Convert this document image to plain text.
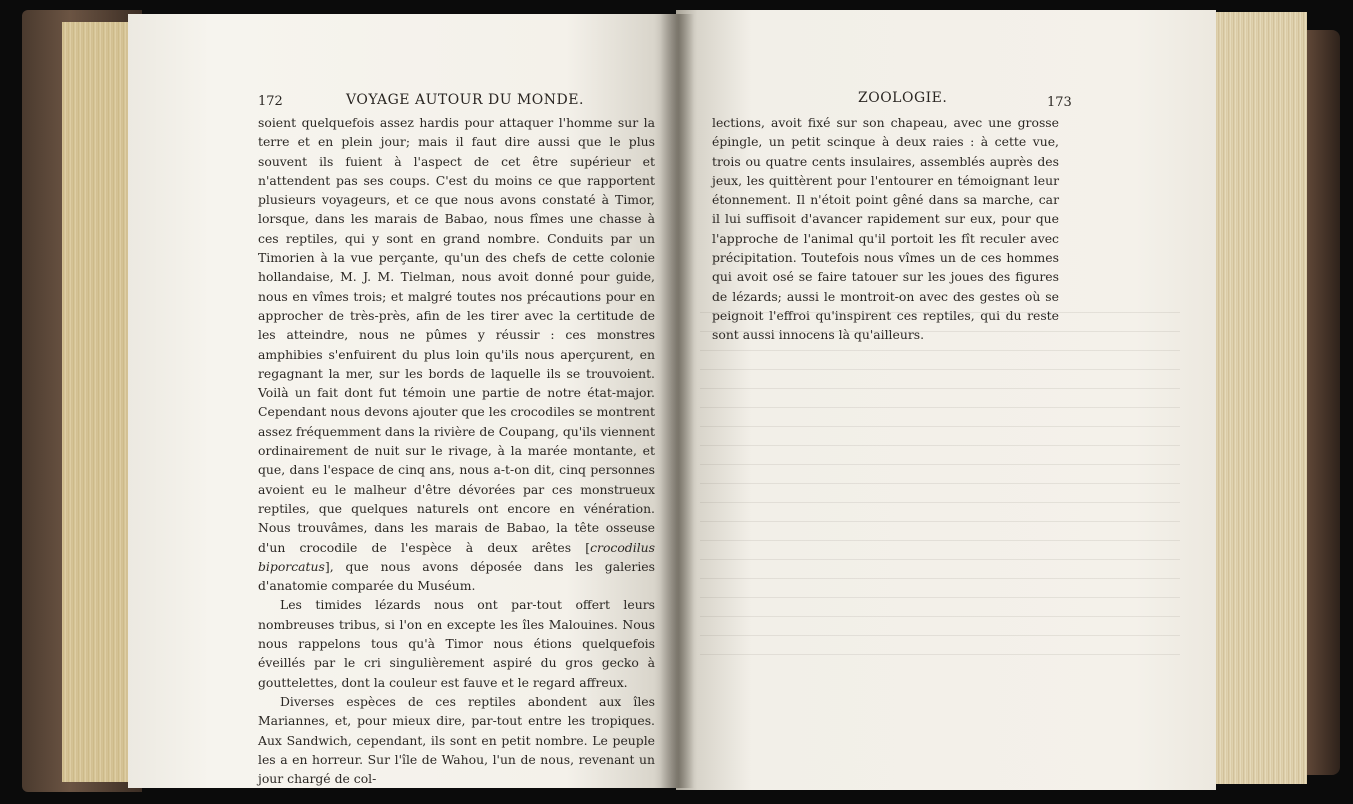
172	VOYAGE AUTOUR DU MONDE.

soient quelquefois assez hardis pour attaquer l'homme sur la terre et en plein jour; mais il faut dire aussi que le plus souvent ils fuient à l'aspect de cet être supérieur et n'attendent pas ses coups. C'est du moins ce que rapportent plusieurs voyageurs, et ce que nous avons constaté à Timor, lorsque, dans les marais de Babao, nous fîmes une chasse à ces reptiles, qui y sont en grand nombre. Conduits par un Timorien à la vue perçante, qu'un des chefs de cette colonie hollandaise, M. J. M. Tielman, nous avoit donné pour guide, nous en vîmes trois; et malgré toutes nos précautions pour en approcher de très-près, afin de les tirer avec la certitude de les atteindre, nous ne pûmes y réussir : ces monstres amphibies s'enfuirent du plus loin qu'ils nous aperçurent, en regagnant la mer, sur les bords de laquelle ils se trouvoient. Voilà un fait dont fut témoin une partie de notre état-major. Cependant nous devons ajouter que les crocodiles se montrent assez fréquemment dans la rivière de Coupang, qu'ils viennent ordinairement de nuit sur le rivage, à la marée montante, et que, dans l'espace de cinq ans, nous a-t-on dit, cinq personnes avoient eu le malheur d'être dévorées par ces monstrueux reptiles, que quelques naturels ont encore en vénération. Nous trouvâmes, dans les marais de Babao, la tête osseuse d'un crocodile de l'espèce à deux arêtes [crocodilus biporcatus], que nous avons déposée dans les galeries d'anatomie comparée du Muséum.

Les timides lézards nous ont par-tout offert leurs nombreuses tribus, si l'on en excepte les îles Malouines. Nous nous rappelons tous qu'à Timor nous étions quelquefois éveillés par le cri singulièrement aspiré du gros gecko à gouttelettes, dont la couleur est fauve et le regard affreux.

Diverses espèces de ces reptiles abondent aux îles Mariannes, et, pour mieux dire, par-tout entre les tropiques. Aux Sandwich, cependant, ils sont en petit nombre. Le peuple les a en horreur. Sur l'île de Wahou, l'un de nous, revenant un jour chargé de col-

ZOOLOGIE.	173

lections, avoit fixé sur son chapeau, avec une grosse épingle, un petit scinque à deux raies : à cette vue, trois ou quatre cents insulaires, assemblés auprès des jeux, les quittèrent pour l'entourer en témoignant leur étonnement. Il n'étoit point gêné dans sa marche, car il lui suffisoit d'avancer rapidement sur eux, pour que l'approche de l'animal qu'il portoit les fît reculer avec précipitation. Toutefois nous vîmes un de ces hommes qui avoit osé se faire tatouer sur les joues des figures de lézards; aussi le montroit-on avec des gestes où se peignoit l'effroi qu'inspirent ces reptiles, qui du reste sont aussi innocens là qu'ailleurs.
